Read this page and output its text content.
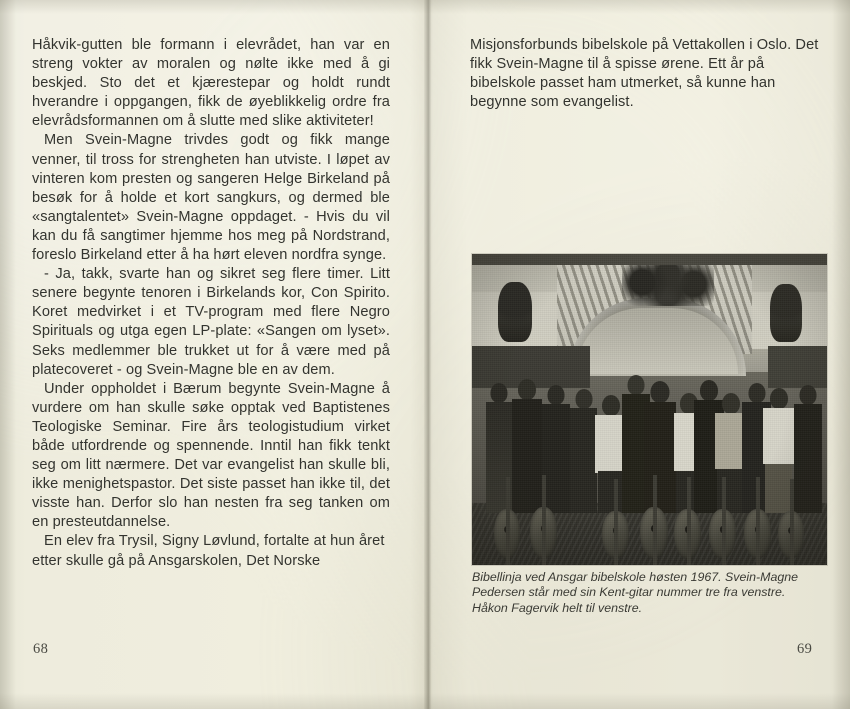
Håkvik-gutten ble formann i elevrådet, han var en streng vokter av moralen og nølte ikke med å gi beskjed. Sto det et kjærestepar og holdt rundt hverandre i oppgangen, fikk de øyeblikkelig ordre fra elevrådsformannen om å slutte med slike aktiviteter!

Men Svein-Magne trivdes godt og fikk mange venner, til tross for strengheten han utviste. I løpet av vinteren kom presten og sangeren Helge Birkeland på besøk for å holde et kort sangkurs, og dermed ble «sangtalentet» Svein-Magne oppdaget. - Hvis du vil kan du få sangtimer hjemme hos meg på Nordstrand, foreslo Birkeland etter å ha hørt eleven nordfra synge.

- Ja, takk, svarte han og sikret seg flere timer. Litt senere begynte tenoren i Birkelands kor, Con Spirito. Koret medvirket i et TV-program med flere Negro Spirituals og utga egen LP-plate: «Sangen om lyset». Seks medlemmer ble trukket ut for å være med på platecoveret - og Svein-Magne ble en av dem.

Under oppholdet i Bærum begynte Svein-Magne å vurdere om han skulle søke opptak ved Baptistenes Teologiske Seminar. Fire års teologistudium virket både utfordrende og spennende. Inntil han fikk tenkt seg om litt nærmere. Det var evangelist han skulle bli, ikke menighetspastor. Det siste passet han ikke til, det visste han. Derfor slo han nesten fra seg tanken om en presteutdannelse.

En elev fra Trysil, Signy Løvlund, fortalte at hun året etter skulle gå på Ansgarskolen, Det Norske

Misjonsforbunds bibelskole på Vettakollen i Oslo. Det fikk Svein-Magne til å spisse ørene. Ett år på bibelskole passet ham utmerket, så kunne han begynne som evangelist.

Bibellinja ved Ansgar bibelskole høsten 1967. Svein-Magne

Pedersen står med sin Kent-gitar nummer tre fra venstre.

Håkon Fagervik helt til venstre.

68	69
